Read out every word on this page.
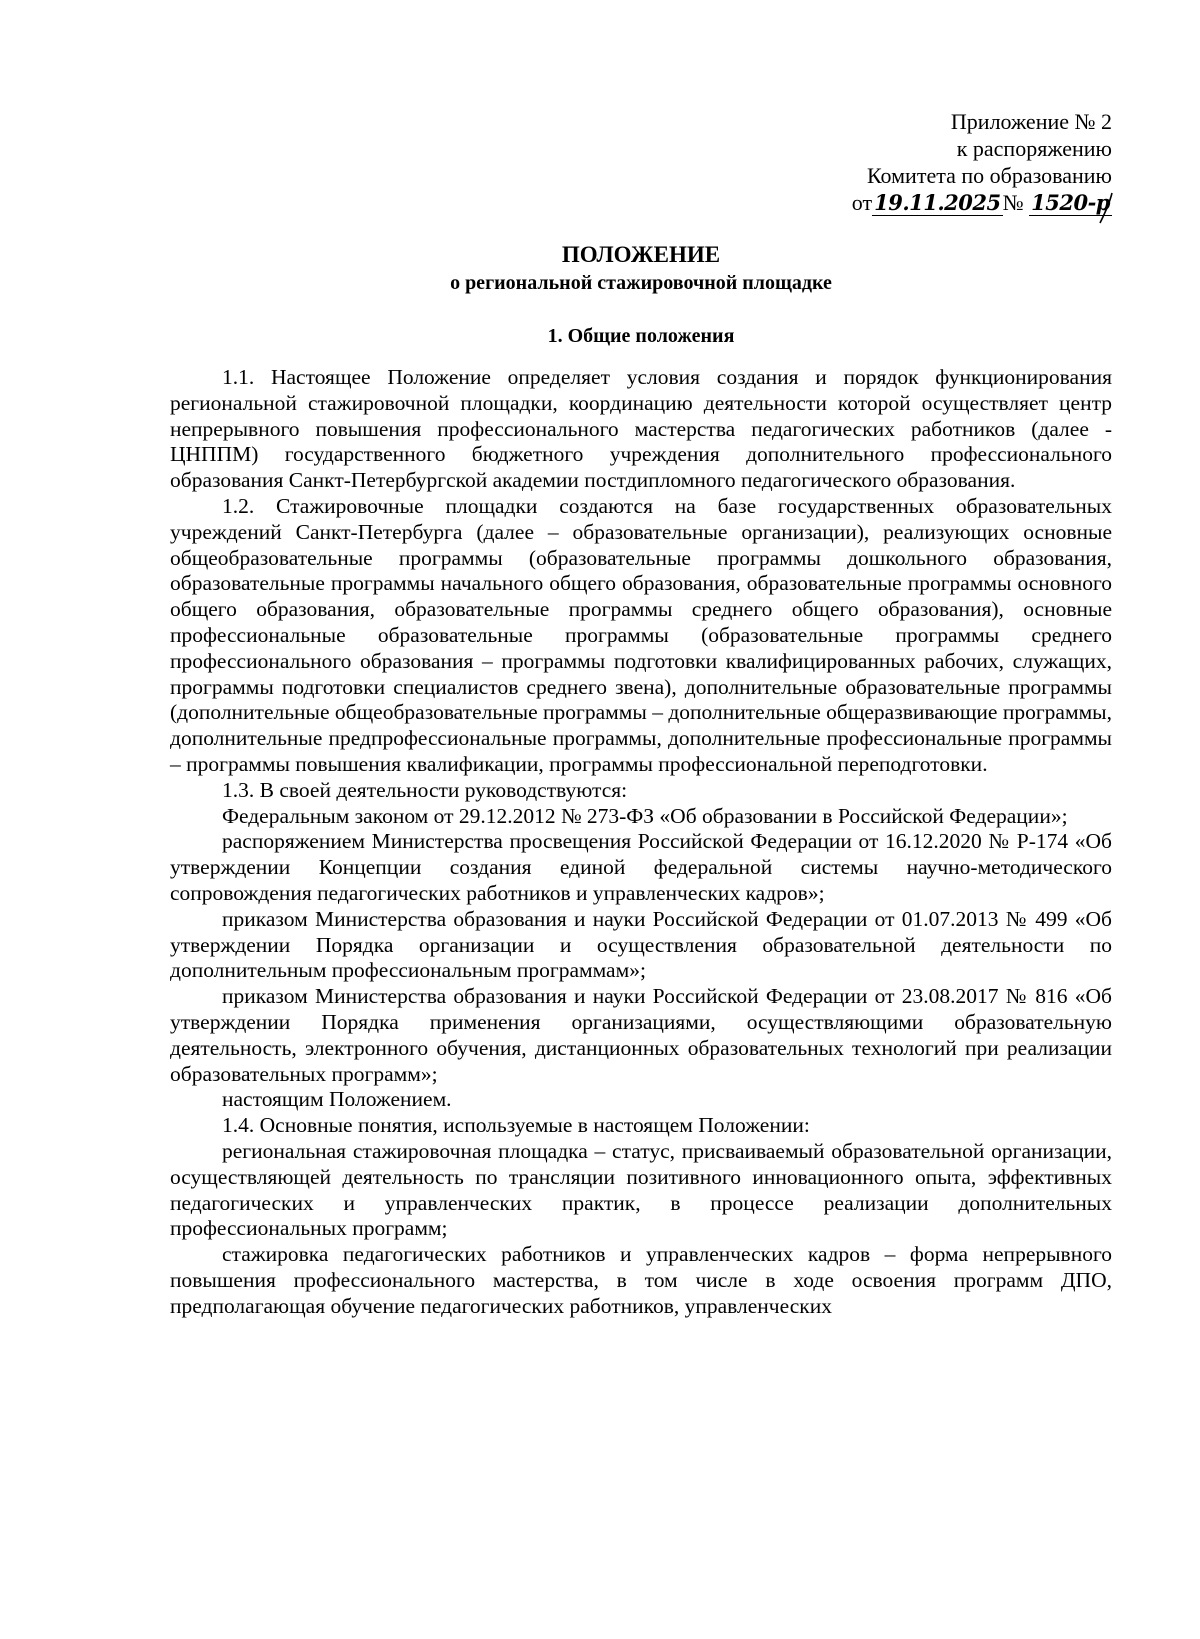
Приложение № 2
к распоряжению
Комитета по образованию
от19.11.2025№ 1520-р
ПОЛОЖЕНИЕ
о региональной стажировочной площадке
1. Общие положения

1.1. Настоящее Положение определяет условия создания и порядок функционирования региональной стажировочной площадки, координацию деятельности которой осуществляет центр непрерывного повышения профессионального мастерства педагогических работников (далее - ЦНППМ) государственного бюджетного учреждения дополнительного профессионального образования Санкт-Петербургской академии постдипломного педагогического образования.

1.2. Стажировочные площадки создаются на базе государственных образовательных учреждений Санкт-Петербурга (далее – образовательные организации), реализующих основные общеобразовательные программы (образовательные программы дошкольного образования, образовательные программы начального общего образования, образовательные программы основного общего образования, образовательные программы среднего общего образования), основные профессиональные образовательные программы (образовательные программы среднего профессионального образования – программы подготовки квалифицированных рабочих, служащих, программы подготовки специалистов среднего звена), дополнительные образовательные программы (дополнительные общеобразовательные программы – дополнительные общеразвивающие программы, дополнительные предпрофессиональные программы, дополнительные профессиональные программы – программы повышения квалификации, программы профессиональной переподготовки.

1.3. В своей деятельности руководствуются:

Федеральным законом от 29.12.2012 № 273-ФЗ «Об образовании в Российской Федерации»;

распоряжением Министерства просвещения Российской Федерации от 16.12.2020 № Р-174 «Об утверждении Концепции создания единой федеральной системы научно-методического сопровождения педагогических работников и управленческих кадров»;

приказом Министерства образования и науки Российской Федерации от 01.07.2013 № 499 «Об утверждении Порядка организации и осуществления образовательной деятельности по дополнительным профессиональным программам»;

приказом Министерства образования и науки Российской Федерации от 23.08.2017 № 816 «Об утверждении Порядка применения организациями, осуществляющими образовательную деятельность, электронного обучения, дистанционных образовательных технологий при реализации образовательных программ»;

настоящим Положением.

1.4. Основные понятия, используемые в настоящем Положении:

региональная стажировочная площадка – статус, присваиваемый образовательной организации, осуществляющей деятельность по трансляции позитивного инновационного опыта, эффективных педагогических и управленческих практик, в процессе реализации дополнительных профессиональных программ;

стажировка педагогических работников и управленческих кадров – форма непрерывного повышения профессионального мастерства, в том числе в ходе освоения программ ДПО, предполагающая обучение педагогических работников, управленческих
